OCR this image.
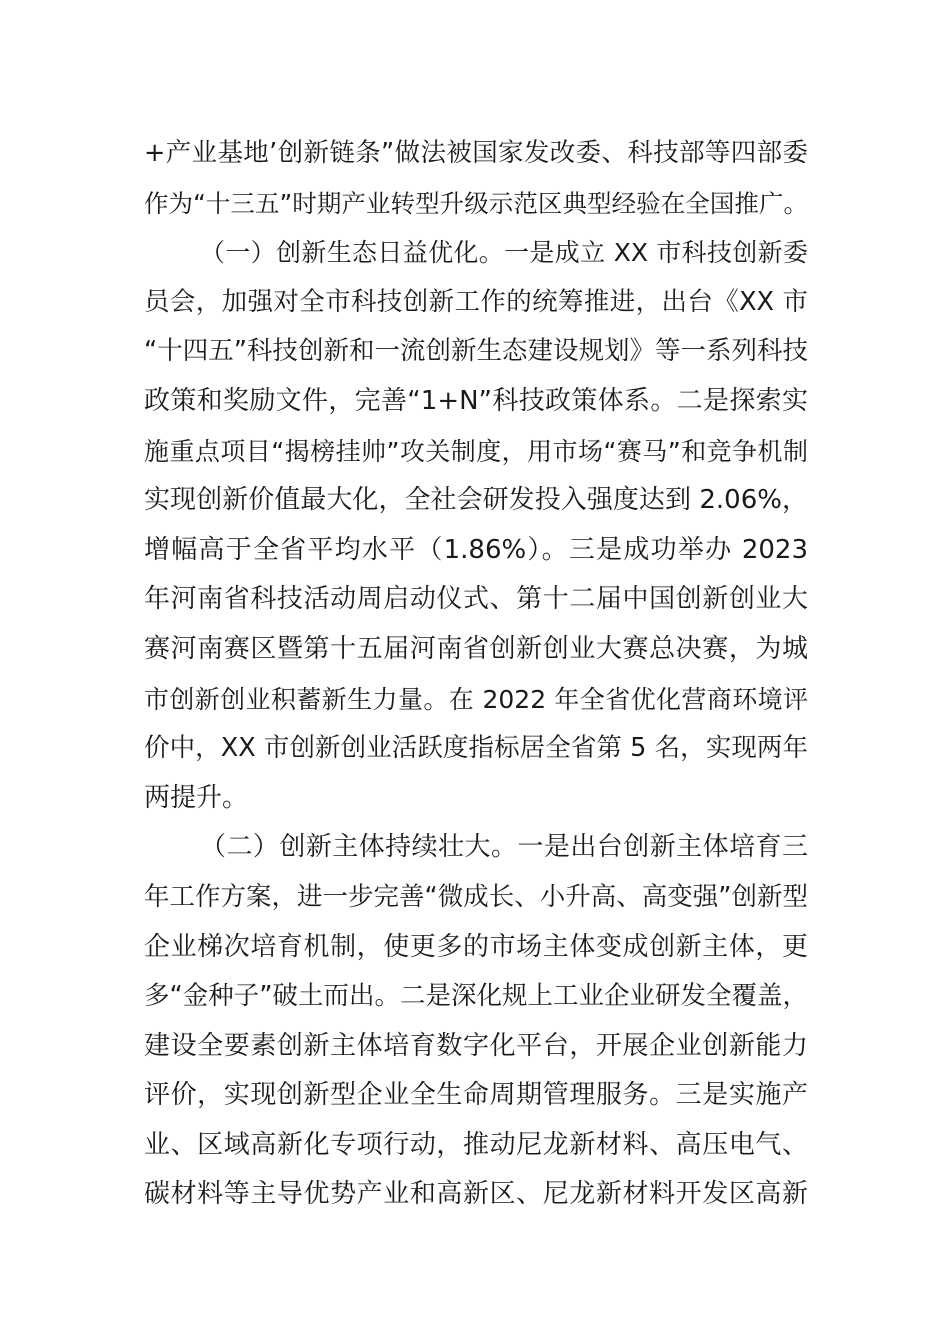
+产业基地’创新链条”做法被国家发改委、科技部等四部委
作为“十三五”时期产业转型升级示范区典型经验在全国推广。
（一）创新生态日益优化。一是成立 XX 市科技创新委
员会，加强对全市科技创新工作的统筹推进，出台《XX 市
“十四五”科技创新和一流创新生态建设规划》等一系列科技
政策和奖励文件，完善“1+N”科技政策体系。二是探索实
施重点项目“揭榜挂帅”攻关制度，用市场“赛马”和竞争机制
实现创新价值最大化，全社会研发投入强度达到 2.06%，
增幅高于全省平均水平（1.86%）。三是成功举办 2023
年河南省科技活动周启动仪式、第十二届中国创新创业大
赛河南赛区暨第十五届河南省创新创业大赛总决赛，为城
市创新创业积蓄新生力量。在 2022 年全省优化营商环境评
价中，XX 市创新创业活跃度指标居全省第 5 名，实现两年
两提升。
（二）创新主体持续壮大。一是出台创新主体培育三
年工作方案，进一步完善“微成长、小升高、高变强”创新型
企业梯次培育机制，使更多的市场主体变成创新主体，更
多“金种子”破土而出。二是深化规上工业企业研发全覆盖，
建设全要素创新主体培育数字化平台，开展企业创新能力
评价，实现创新型企业全生命周期管理服务。三是实施产
业、区域高新化专项行动，推动尼龙新材料、高压电气、
碳材料等主导优势产业和高新区、尼龙新材料开发区高新
